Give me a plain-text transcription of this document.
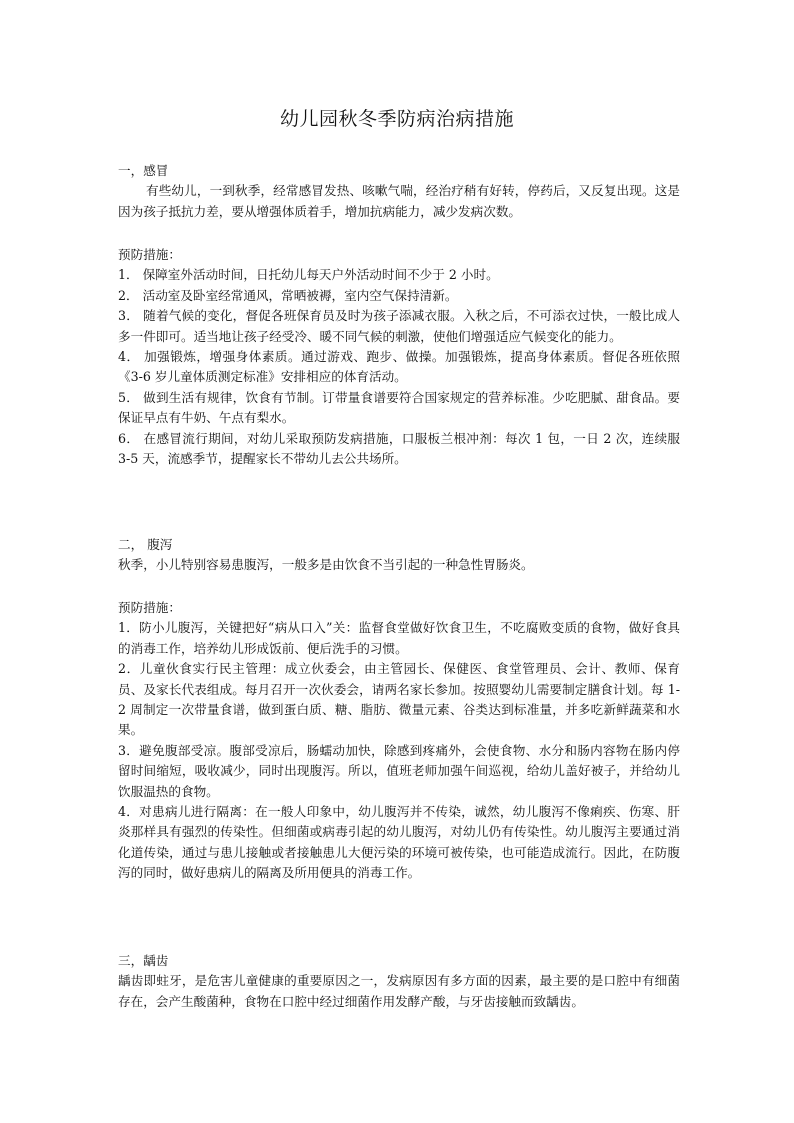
幼儿园秋冬季防病治病措施

一，感冒

有些幼儿，一到秋季，经常感冒发热、咳嗽气喘，经治疗稍有好转，停药后，又反复出现。这是因为孩子抵抗力差，要从增强体质着手，增加抗病能力，减少发病次数。

预防措施：

1． 保障室外活动时间，日托幼儿每天户外活动时间不少于 2 小时。

2． 活动室及卧室经常通风，常晒被褥，室内空气保持清新。

3． 随着气候的变化，督促各班保育员及时为孩子添减衣服。入秋之后，不可添衣过快，一般比成人多一件即可。适当地让孩子经受冷、暖不同气候的刺激，使他们增强适应气候变化的能力。

4． 加强锻炼，增强身体素质。通过游戏、跑步、做操。加强锻炼，提高身体素质。督促各班依照《3-6 岁儿童体质测定标准》安排相应的体育活动。

5． 做到生活有规律，饮食有节制。订带量食谱要符合国家规定的营养标准。少吃肥腻、甜食品。要保证早点有牛奶、午点有梨水。

6． 在感冒流行期间，对幼儿采取预防发病措施，口服板兰根冲剂：每次 1 包，一日 2 次，连续服 3-5 天，流感季节，提醒家长不带幼儿去公共场所。

二， 腹泻

秋季，小儿特别容易患腹泻，一般多是由饮食不当引起的一种急性胃肠炎。

预防措施：

1．防小儿腹泻，关键把好“病从口入”关：监督食堂做好饮食卫生，不吃腐败变质的食物，做好食具的消毒工作，培养幼儿形成饭前、便后洗手的习惯。

2．儿童伙食实行民主管理：成立伙委会，由主管园长、保健医、食堂管理员、会计、教师、保育员、及家长代表组成。每月召开一次伙委会，请两名家长参加。按照婴幼儿需要制定膳食计划。每 1-2 周制定一次带量食谱，做到蛋白质、糖、脂肪、微量元素、谷类达到标准量，并多吃新鲜蔬菜和水果。

3．避免腹部受凉。腹部受凉后，肠蠕动加快，除感到疼痛外，会使食物、水分和肠内容物在肠内停留时间缩短，吸收减少，同时出现腹泻。所以，值班老师加强午间巡视，给幼儿盖好被子，并给幼儿饮服温热的食物。

4．对患病儿进行隔离：在一般人印象中，幼儿腹泻并不传染，诚然，幼儿腹泻不像痢疾、伤寒、肝炎那样具有强烈的传染性。但细菌或病毒引起的幼儿腹泻，对幼儿仍有传染性。幼儿腹泻主要通过消化道传染，通过与患儿接触或者接触患儿大便污染的环境可被传染，也可能造成流行。因此，在防腹泻的同时，做好患病儿的隔离及所用便具的消毒工作。

三，龋齿

龋齿即蛀牙，是危害儿童健康的重要原因之一，发病原因有多方面的因素，最主要的是口腔中有细菌存在，会产生酸菌种，食物在口腔中经过细菌作用发酵产酸，与牙齿接触而致龋齿。
